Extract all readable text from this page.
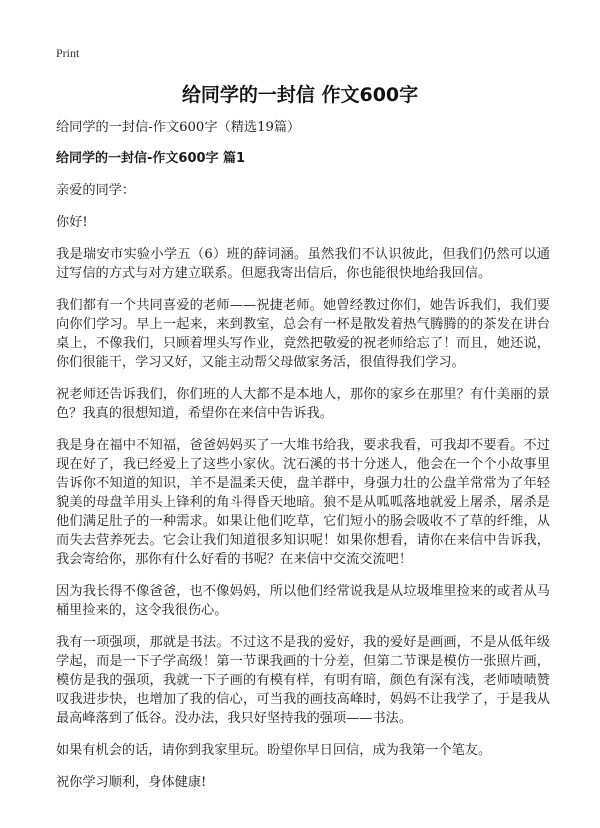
Print
给同学的一封信 作文600字

给同学的一封信-作文600字（精选19篇）

给同学的一封信-作文600字 篇1

亲爱的同学：

你好!

我是瑞安市实验小学五（6）班的薛词涵。虽然我们不认识彼此，但我们仍然可以通过写信的方式与对方建立联系。但愿我寄出信后，你也能很快地给我回信。

我们都有一个共同喜爱的老师——祝捷老师。她曾经教过你们，她告诉我们，我们要向你们学习。早上一起来，来到教室，总会有一杯是散发着热气腾腾的的茶发在讲台桌上，不像我们，只顾着埋头写作业，竟然把敬爱的祝老师给忘了！而且，她还说，你们很能干，学习又好，又能主动帮父母做家务活，很值得我们学习。

祝老师还告诉我们，你们班的人大都不是本地人，那你的家乡在那里？有什美丽的景色？我真的很想知道，希望你在来信中告诉我。

我是身在福中不知福，爸爸妈妈买了一大堆书给我，要求我看，可我却不要看。不过现在好了，我已经爱上了这些小家伙。沈石溪的书十分迷人，他会在一个个小故事里告诉你不知道的知识，羊不是温柔天使，盘羊群中，身强力壮的公盘羊常常为了年轻貌美的母盘羊用头上锋利的角斗得昏天地暗。狼不是从呱呱落地就爱上屠杀，屠杀是他们满足肚子的一种需求。如果让他们吃草，它们短小的肠会吸收不了草的纤维，从而失去营养死去。它会让我们知道很多知识呢！如果你想看，请你在来信中告诉我，我会寄给你，那你有什么好看的书呢？在来信中交流交流吧！

因为我长得不像爸爸，也不像妈妈，所以他们经常说我是从垃圾堆里捡来的或者从马桶里捡来的，这令我很伤心。

我有一项强项，那就是书法。不过这不是我的爱好，我的爱好是画画，不是从低年级学起，而是一下子学高级！第一节课我画的十分差，但第二节课是模仿一张照片画，模仿是我的强项，我就一下子画的有模有样，有明有暗，颜色有深有浅，老师啧啧赞叹我进步快，也增加了我的信心，可当我的画技高峰时，妈妈不让我学了，于是我从最高峰落到了低谷。没办法，我只好坚持我的强项——书法。

如果有机会的话，请你到我家里玩。盼望你早日回信，成为我第一个笔友。

祝你学习顺利，身体健康!
